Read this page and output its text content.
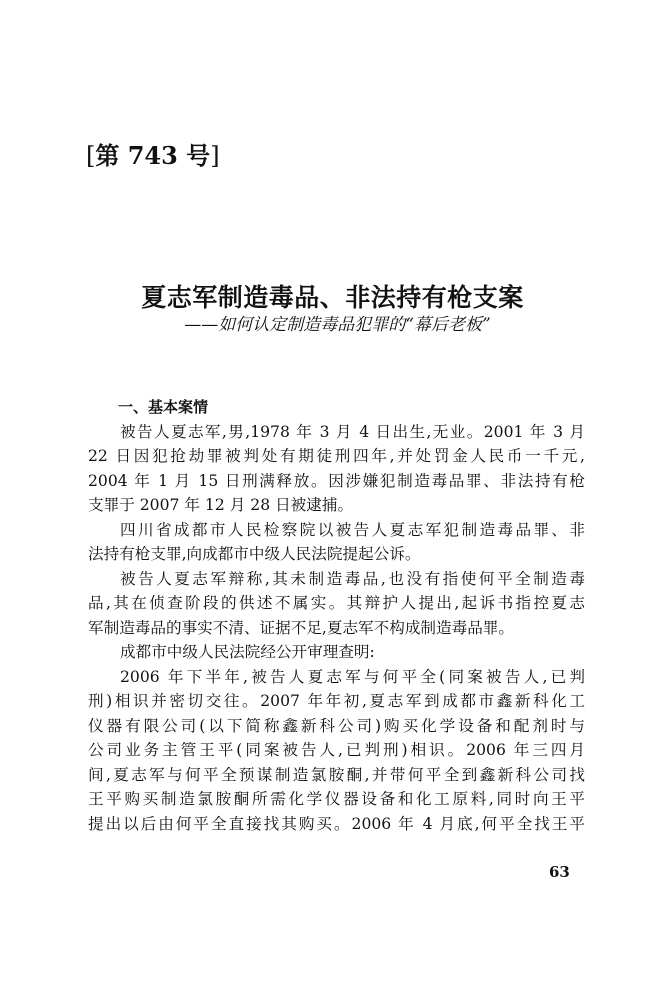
[第 743 号]
夏志军制造毒品、非法持有枪支案
——如何认定制造毒品犯罪的“幕后老板”
一、基本案情
被告人夏志军,男,1978 年 3 月 4 日出生,无业。2001 年 3 月
22 日因犯抢劫罪被判处有期徒刑四年,并处罚金人民币一千元,
2004 年 1 月 15 日刑满释放。因涉嫌犯制造毒品罪、非法持有枪
支罪于 2007 年 12 月 28 日被逮捕。
四川省成都市人民检察院以被告人夏志军犯制造毒品罪、非
法持有枪支罪,向成都市中级人民法院提起公诉。
被告人夏志军辩称,其未制造毒品,也没有指使何平全制造毒
品,其在侦查阶段的供述不属实。其辩护人提出,起诉书指控夏志
军制造毒品的事实不清、证据不足,夏志军不构成制造毒品罪。
成都市中级人民法院经公开审理查明:
2006 年下半年,被告人夏志军与何平全(同案被告人,已判
刑)相识并密切交往。2007 年年初,夏志军到成都市鑫新科化工
仪器有限公司(以下简称鑫新科公司)购买化学设备和配剂时与
公司业务主管王平(同案被告人,已判刑)相识。2006 年三四月
间,夏志军与何平全预谋制造氯胺酮,并带何平全到鑫新科公司找
王平购买制造氯胺酮所需化学仪器设备和化工原料,同时向王平
提出以后由何平全直接找其购买。2006 年 4 月底,何平全找王平
63
